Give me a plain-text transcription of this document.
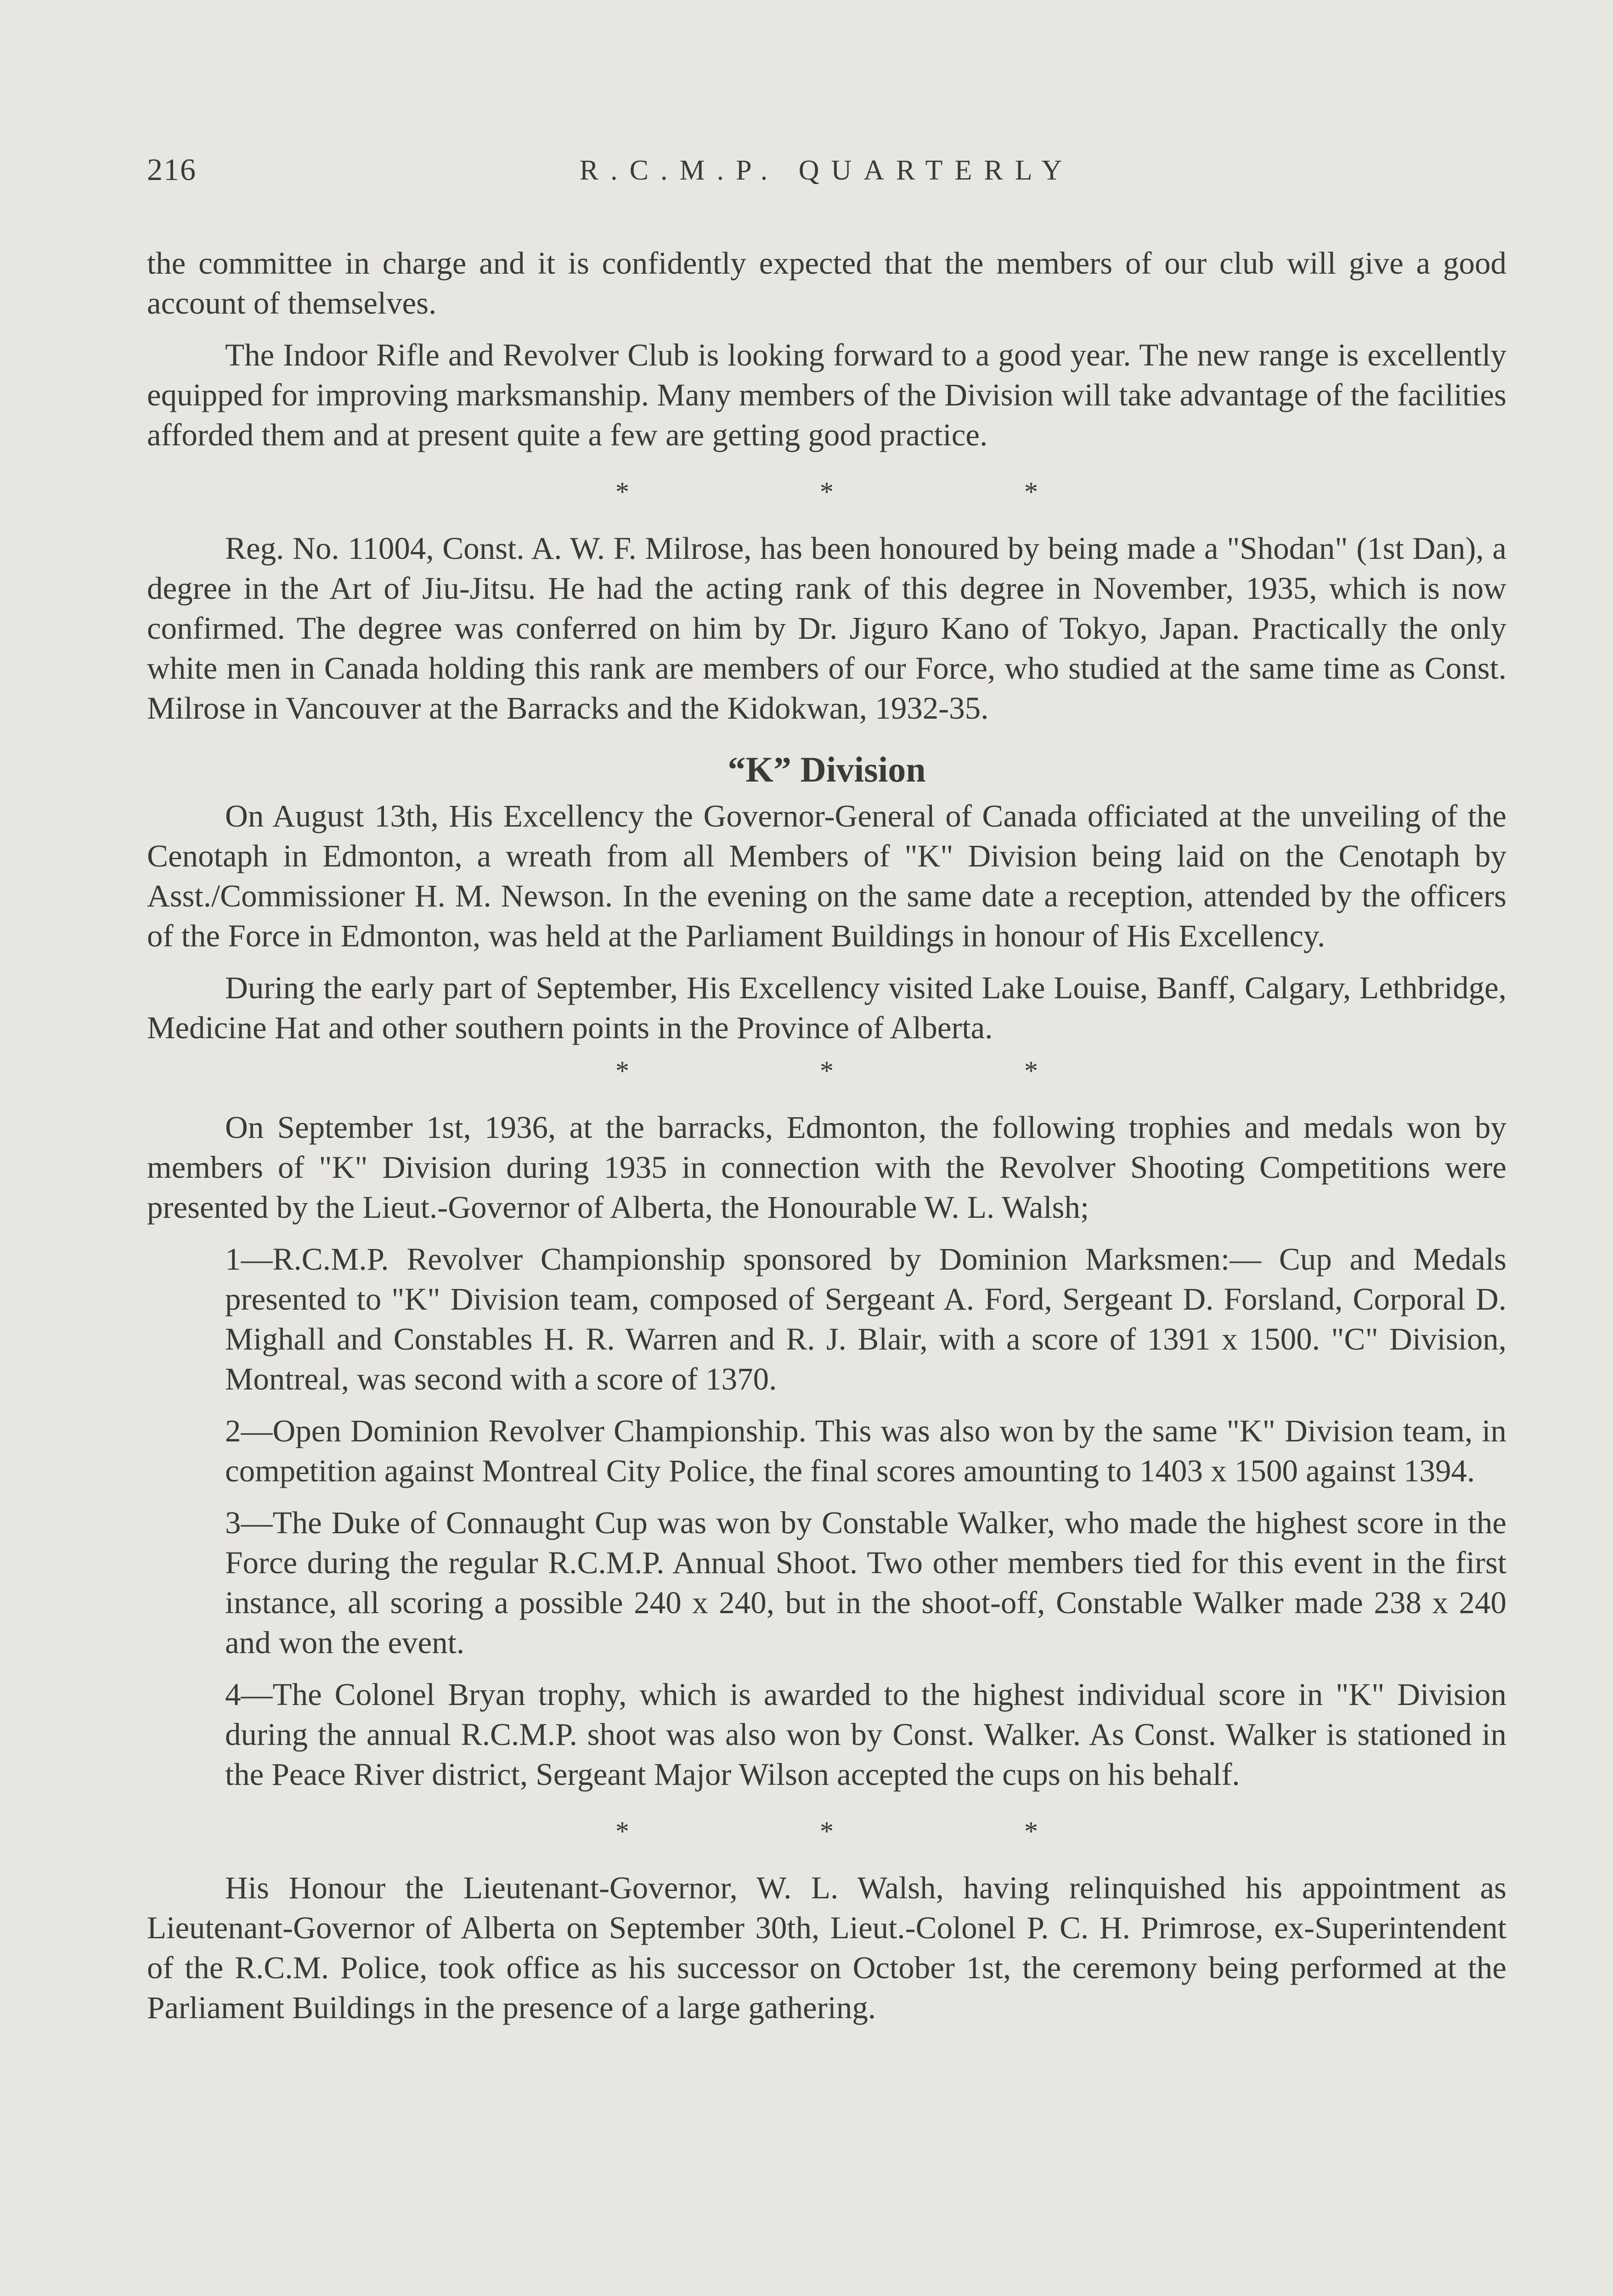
216	R.C.M.P. QUARTERLY

the committee in charge and it is confidently expected that the members of our club will give a good account of themselves.

The Indoor Rifle and Revolver Club is looking forward to a good year. The new range is excellently equipped for improving marksmanship. Many members of the Division will take advantage of the facilities afforded them and at present quite a few are getting good practice.

* * *

Reg. No. 11004, Const. A. W. F. Milrose, has been honoured by being made a "Shodan" (1st Dan), a degree in the Art of Jiu-Jitsu. He had the acting rank of this degree in November, 1935, which is now confirmed. The degree was conferred on him by Dr. Jiguro Kano of Tokyo, Japan. Practically the only white men in Canada holding this rank are members of our Force, who studied at the same time as Const. Milrose in Vancouver at the Barracks and the Kidokwan, 1932-35.

“K” Division

On August 13th, His Excellency the Governor-General of Canada officiated at the unveiling of the Cenotaph in Edmonton, a wreath from all Members of "K" Division being laid on the Cenotaph by Asst./Commissioner H. M. Newson. In the evening on the same date a reception, attended by the officers of the Force in Edmonton, was held at the Parliament Buildings in honour of His Excellency.

During the early part of September, His Excellency visited Lake Louise, Banff, Calgary, Lethbridge, Medicine Hat and other southern points in the Province of Alberta.

* * *

On September 1st, 1936, at the barracks, Edmonton, the following trophies and medals won by members of "K" Division during 1935 in connection with the Revolver Shooting Competitions were presented by the Lieut.-Governor of Alberta, the Honourable W. L. Walsh;

1—R.C.M.P. Revolver Championship sponsored by Dominion Marksmen:— Cup and Medals presented to "K" Division team, composed of Sergeant A. Ford, Sergeant D. Forsland, Corporal D. Mighall and Constables H. R. Warren and R. J. Blair, with a score of 1391 x 1500. "C" Division, Montreal, was second with a score of 1370.

2—Open Dominion Revolver Championship. This was also won by the same "K" Division team, in competition against Montreal City Police, the final scores amounting to 1403 x 1500 against 1394.

3—The Duke of Connaught Cup was won by Constable Walker, who made the highest score in the Force during the regular R.C.M.P. Annual Shoot. Two other members tied for this event in the first instance, all scoring a possible 240 x 240, but in the shoot-off, Constable Walker made 238 x 240 and won the event.

4—The Colonel Bryan trophy, which is awarded to the highest individual score in "K" Division during the annual R.C.M.P. shoot was also won by Const. Walker. As Const. Walker is stationed in the Peace River district, Sergeant Major Wilson accepted the cups on his behalf.

* * *

His Honour the Lieutenant-Governor, W. L. Walsh, having relinquished his appointment as Lieutenant-Governor of Alberta on September 30th, Lieut.-Colonel P. C. H. Primrose, ex-Superintendent of the R.C.M. Police, took office as his successor on October 1st, the ceremony being performed at the Parliament Buildings in the presence of a large gathering.
